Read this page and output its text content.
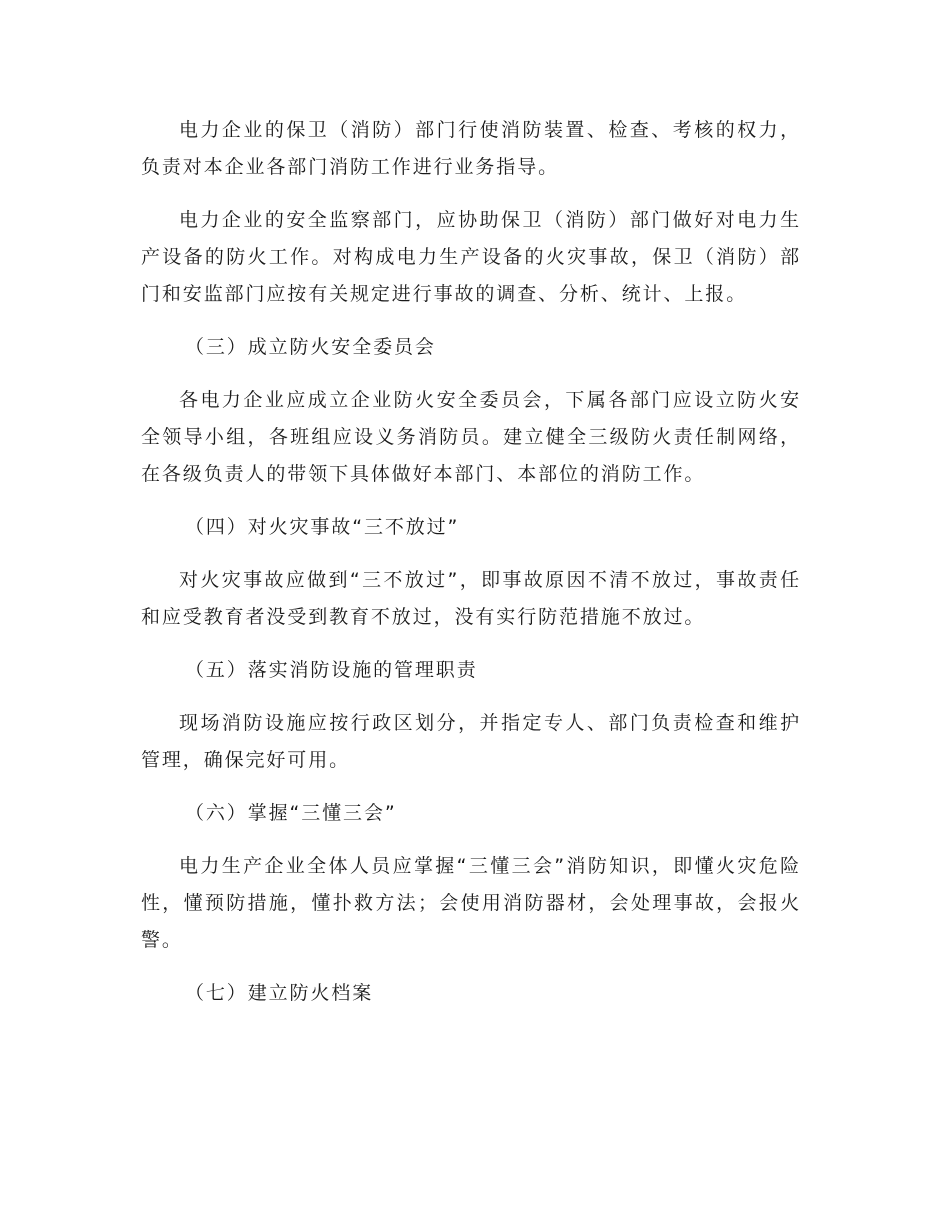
电力企业的保卫（消防）部门行使消防装置、检查、考核的权力，负责对本企业各部门消防工作进行业务指导。

电力企业的安全监察部门，应协助保卫（消防）部门做好对电力生产设备的防火工作。对构成电力生产设备的火灾事故，保卫（消防）部门和安监部门应按有关规定进行事故的调查、分析、统计、上报。

（三）成立防火安全委员会

各电力企业应成立企业防火安全委员会，下属各部门应设立防火安全领导小组，各班组应设义务消防员。建立健全三级防火责任制网络，在各级负责人的带领下具体做好本部门、本部位的消防工作。

（四）对火灾事故“三不放过”

对火灾事故应做到“三不放过”，即事故原因不清不放过，事故责任和应受教育者没受到教育不放过，没有实行防范措施不放过。

（五）落实消防设施的管理职责

现场消防设施应按行政区划分，并指定专人、部门负责检查和维护管理，确保完好可用。

（六）掌握“三懂三会”

电力生产企业全体人员应掌握“三懂三会”消防知识，即懂火灾危险性，懂预防措施，懂扑救方法；会使用消防器材，会处理事故，会报火警。

（七）建立防火档案
